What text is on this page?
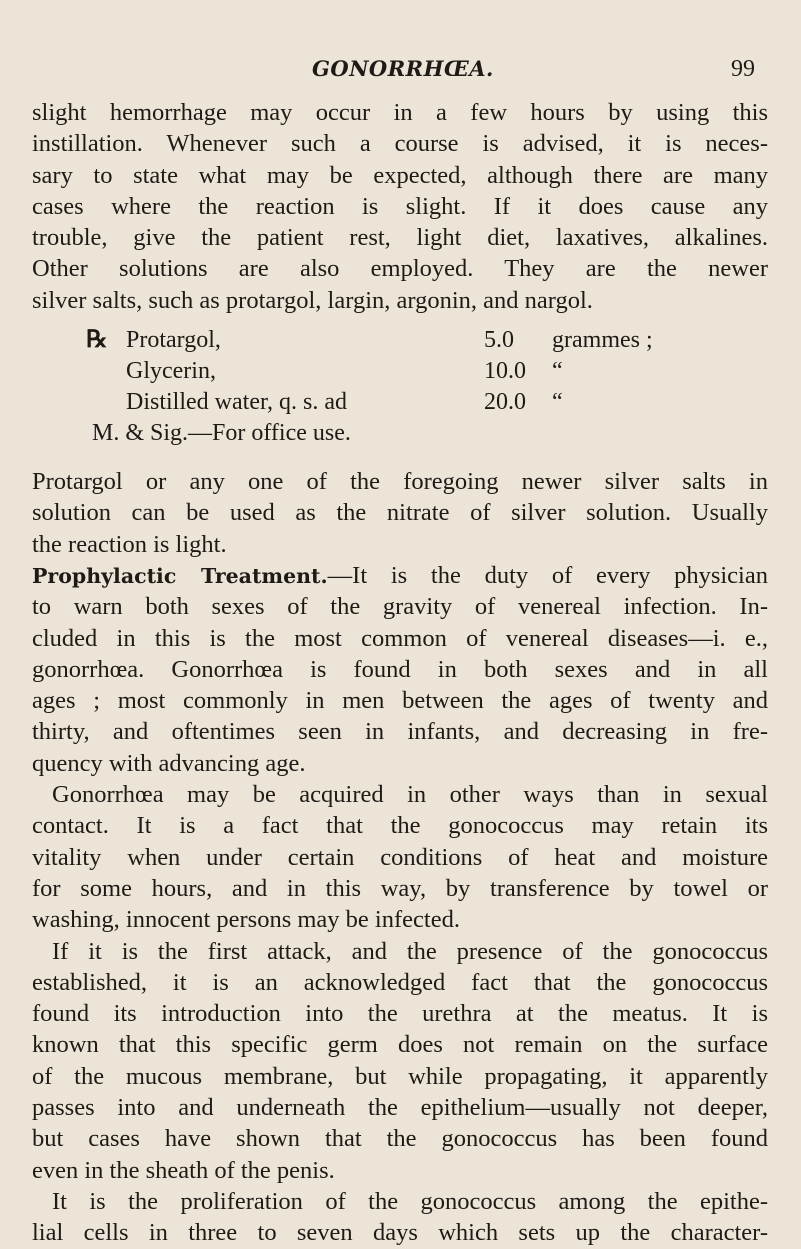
GONORRHŒA.	99
slight hemorrhage may occur in a few hours by using this
instillation. Whenever such a course is advised, it is neces-
sary to state what may be expected, although there are many
cases where the reaction is slight. If it does cause any
trouble, give the patient rest, light diet, laxatives, alkalines.
Other solutions are also employed. They are the newer
silver salts, such as protargol, largin, argonin, and nargol.
℞ Protargol,	5.0 grammes ;
Glycerin,	10.0 “
Distilled water, q. s. ad	20.0 “
M. & Sig.—For office use.
Protargol or any one of the foregoing newer silver salts in
solution can be used as the nitrate of silver solution. Usually
the reaction is light.
Prophylactic Treatment.—It is the duty of every physician
to warn both sexes of the gravity of venereal infection. In-
cluded in this is the most common of venereal diseases—i. e.,
gonorrhœa. Gonorrhœa is found in both sexes and in all
ages ; most commonly in men between the ages of twenty and
thirty, and oftentimes seen in infants, and decreasing in fre-
quency with advancing age.
Gonorrhœa may be acquired in other ways than in sexual
contact. It is a fact that the gonococcus may retain its
vitality when under certain conditions of heat and moisture
for some hours, and in this way, by transference by towel or
washing, innocent persons may be infected.
If it is the first attack, and the presence of the gonococcus
established, it is an acknowledged fact that the gonococcus
found its introduction into the urethra at the meatus. It is
known that this specific germ does not remain on the surface
of the mucous membrane, but while propagating, it apparently
passes into and underneath the epithelium—usually not deeper,
but cases have shown that the gonococcus has been found
even in the sheath of the penis.
It is the proliferation of the gonococcus among the epithe-
lial cells in three to seven days which sets up the character-
